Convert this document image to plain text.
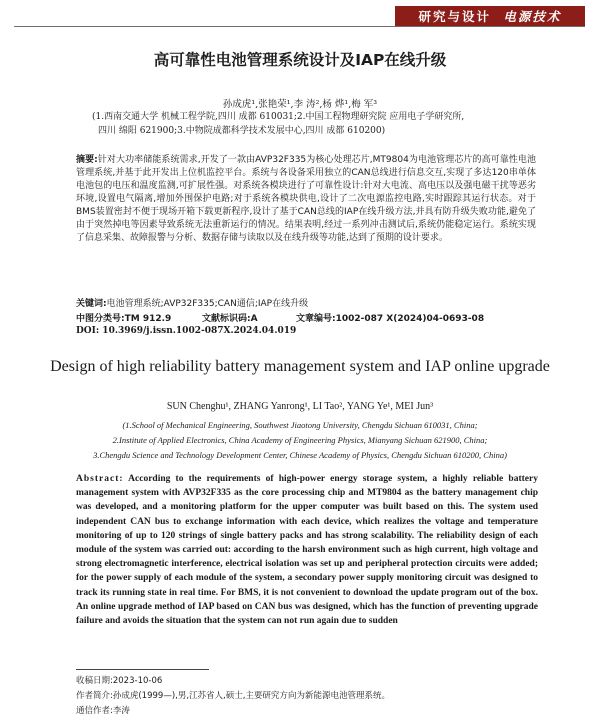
研究与设计 电源技术
高可靠性电池管理系统设计及IAP在线升级
孙成虎¹,张艳荣¹,李 涛²,杨 烨¹,梅 军³
(1.西南交通大学 机械工程学院,四川 成都 610031;2.中国工程物理研究院 应用电子学研究所,
四川 绵阳 621900;3.中物院成都科学技术发展中心,四川 成都 610200)
摘要:针对大功率储能系统需求,开发了一款由AVP32F335为核心处理芯片,MT9804为电池管理芯片的高可靠性电池管理系统,并基于此开发出上位机监控平台。系统与各设备采用独立的CAN总线进行信息交互,实现了多达120串单体电池包的电压和温度监测,可扩展性强。对系统各模块进行了可靠性设计:针对大电流、高电压以及强电磁干扰等恶劣环境,设置电气隔离,增加外围保护电路;对于系统各模块供电,设计了二次电源监控电路,实时跟踪其运行状态。对于BMS装置密封不便于现场开箱下载更新程序,设计了基于CAN总线的IAP在线升级方法,并具有防升级失败功能,避免了由于突然掉电等因素导致系统无法重新运行的情况。结果表明,经过一系列冲击测试后,系统仍能稳定运行。系统实现了信息采集、故障报警与分析、数据存储与读取以及在线升级等功能,达到了预期的设计要求。
关键词:电池管理系统;AVP32F335;CAN通信;IAP在线升级
中图分类号:TM 912.9	文献标识码:A	文章编号:1002-087 X(2024)04-0693-08
DOI: 10.3969/j.issn.1002-087X.2024.04.019
Design of high reliability battery management system and IAP online upgrade
SUN Chenghu¹, ZHANG Yanrong¹, LI Tao², YANG Ye¹, MEI Jun³
(1.School of Mechanical Engineering, Southwest Jiaotong University, Chengdu Sichuan 610031, China;
2.Institute of Applied Electronics, China Academy of Engineering Physics, Mianyang Sichuan 621900, China;
3.Chengdu Science and Technology Development Center, Chinese Academy of Physics, Chengdu Sichuan 610200, China)
Abstract: According to the requirements of high-power energy storage system, a highly reliable battery management system with AVP32F335 as the core processing chip and MT9804 as the battery management chip was developed, and a monitoring platform for the upper computer was built based on this. The system used independent CAN bus to exchange information with each device, which realizes the voltage and temperature monitoring of up to 120 strings of single battery packs and has strong scalability. The reliability design of each module of the system was carried out: according to the harsh environment such as high current, high voltage and strong electromagnetic interference, electrical isolation was set up and peripheral protection circuits were added; for the power supply of each module of the system, a secondary power supply monitoring circuit was designed to track its running state in real time. For BMS, it is not convenient to download the update program out of the box. An online upgrade method of IAP based on CAN bus was designed, which has the function of preventing upgrade failure and avoids the situation that the system can not run again due to sudden
收稿日期:2023-10-06
作者简介:孙成虎(1999—),男,江苏省人,硕士,主要研究方向为新能源电池管理系统。
通信作者:李涛
